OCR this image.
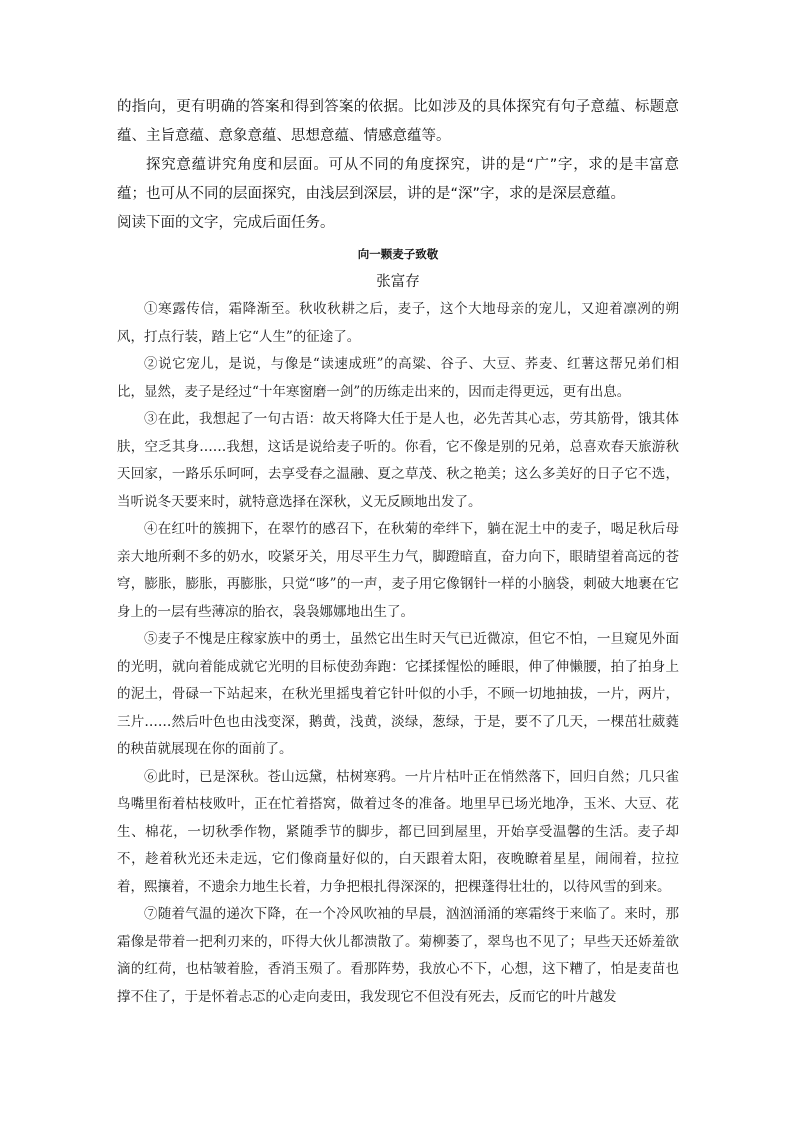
的指向，更有明确的答案和得到答案的依据。比如涉及的具体探究有句子意蕴、标题意蕴、主旨意蕴、意象意蕴、思想意蕴、情感意蕴等。

探究意蕴讲究角度和层面。可从不同的角度探究，讲的是“广”字，求的是丰富意蕴；也可从不同的层面探究，由浅层到深层，讲的是“深”字，求的是深层意蕴。

阅读下面的文字，完成后面任务。

向一颗麦子致敬

张富存

①寒露传信，霜降渐至。秋收秋耕之后，麦子，这个大地母亲的宠儿，又迎着凛冽的朔风，打点行装，踏上它“人生”的征途了。

②说它宠儿，是说，与像是“读速成班”的高粱、谷子、大豆、荞麦、红薯这帮兄弟们相比，显然，麦子是经过“十年寒窗磨一剑”的历练走出来的，因而走得更远，更有出息。

③在此，我想起了一句古语：故天将降大任于是人也，必先苦其心志，劳其筋骨，饿其体肤，空乏其身……我想，这话是说给麦子听的。你看，它不像是别的兄弟，总喜欢春天旅游秋天回家，一路乐乐呵呵，去享受春之温融、夏之草茂、秋之艳美；这么多美好的日子它不选，当听说冬天要来时，就特意选择在深秋，义无反顾地出发了。

④在红叶的簇拥下，在翠竹的感召下，在秋菊的牵绊下，躺在泥土中的麦子，喝足秋后母亲大地所剩不多的奶水，咬紧牙关，用尽平生力气，脚蹬暗直，奋力向下，眼睛望着高远的苍穹，膨胀，膨胀，再膨胀，只觉“哆”的一声，麦子用它像钢针一样的小脑袋，刺破大地裹在它身上的一层有些薄凉的胎衣，袅袅娜娜地出生了。

⑤麦子不愧是庄稼家族中的勇士，虽然它出生时天气已近微凉，但它不怕，一旦窥见外面的光明，就向着能成就它光明的目标使劲奔跑：它揉揉惺忪的睡眼，伸了伸懒腰，拍了拍身上的泥土，骨碌一下站起来，在秋光里摇曳着它针叶似的小手，不顾一切地抽拔，一片，两片，三片……然后叶色也由浅变深，鹅黄，浅黄，淡绿，葱绿，于是，要不了几天，一棵茁壮葳蕤的秧苗就展现在你的面前了。

⑥此时，已是深秋。苍山远黛，枯树寒鸦。一片片枯叶正在悄然落下，回归自然；几只雀鸟嘴里衔着枯枝败叶，正在忙着搭窝，做着过冬的准备。地里早已场光地净，玉米、大豆、花生、棉花，一切秋季作物，紧随季节的脚步，都已回到屋里，开始享受温馨的生活。麦子却不，趁着秋光还未走远，它们像商量好似的，白天跟着太阳，夜晚瞭着星星，闹闹着，拉拉着，熙攘着，不遗余力地生长着，力争把根扎得深深的，把棵蓬得壮壮的，以待风雪的到来。

⑦随着气温的递次下降，在一个冷风吹袖的早晨，汹汹涌涌的寒霜终于来临了。来时，那霜像是带着一把利刃来的，吓得大伙儿都溃散了。菊柳萎了，翠鸟也不见了；早些天还娇羞欲滴的红荷，也枯皱着脸，香消玉殒了。看那阵势，我放心不下，心想，这下糟了，怕是麦苗也撑不住了，于是怀着忐忑的心走向麦田，我发现它不但没有死去，反而它的叶片越发
